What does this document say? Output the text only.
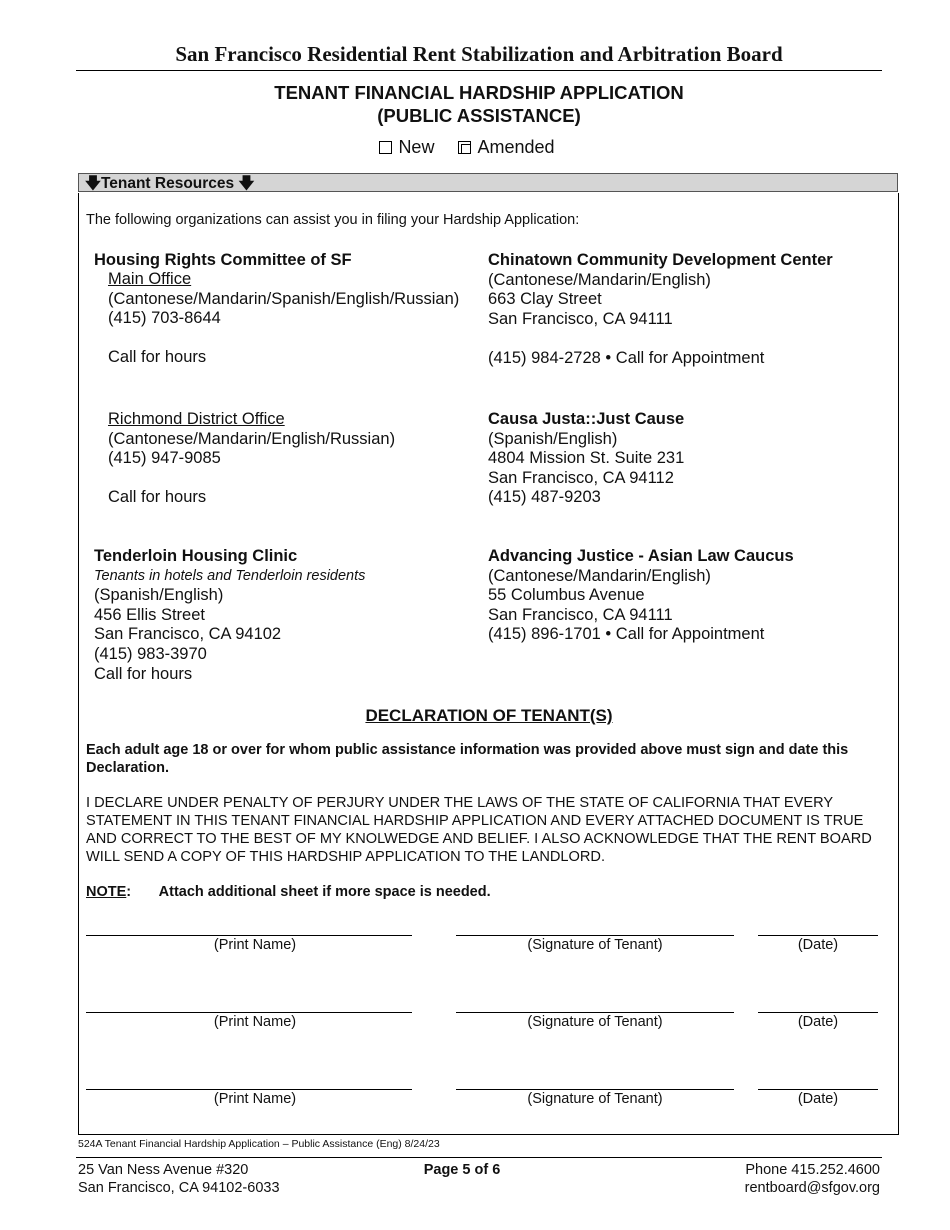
San Francisco Residential Rent Stabilization and Arbitration Board
TENANT FINANCIAL HARDSHIP APPLICATION
(PUBLIC ASSISTANCE)
New Amended
🡇Tenant Resources 🡇
The following organizations can assist you in filing your Hardship Application:
Housing Rights Committee of SF
Main Office
(Cantonese/Mandarin/Spanish/English/Russian)
(415) 703-8644

Call for hours
Richmond District Office
(Cantonese/Mandarin/English/Russian)
(415) 947-9085

Call for hours
Chinatown Community Development Center
(Cantonese/Mandarin/English)
663 Clay Street
San Francisco, CA 94111

(415) 984-2728 • Call for Appointment
Causa Justa::Just Cause
(Spanish/English)
4804 Mission St. Suite 231
San Francisco, CA 94112
(415) 487-9203
Tenderloin Housing Clinic
Tenants in hotels and Tenderloin residents
(Spanish/English)
456 Ellis Street
San Francisco, CA 94102
(415) 983-3970
Call for hours
Advancing Justice - Asian Law Caucus
(Cantonese/Mandarin/English)
55 Columbus Avenue
San Francisco, CA 94111
(415) 896-1701 • Call for Appointment
DECLARATION OF TENANT(S)
Each adult age 18 or over for whom public assistance information was provided above must sign and date this Declaration.
I DECLARE UNDER PENALTY OF PERJURY UNDER THE LAWS OF THE STATE OF CALIFORNIA THAT EVERY STATEMENT IN THIS TENANT FINANCIAL HARDSHIP APPLICATION AND EVERY ATTACHED DOCUMENT IS TRUE AND CORRECT TO THE BEST OF MY KNOLWEDGE AND BELIEF. I ALSO ACKNOWLEDGE THAT THE RENT BOARD WILL SEND A COPY OF THIS HARDSHIP APPLICATION TO THE LANDLORD.
NOTE: Attach additional sheet if more space is needed.
(Print Name)	(Signature of Tenant)	(Date)
(Print Name)	(Signature of Tenant)	(Date)
(Print Name)	(Signature of Tenant)	(Date)
524A Tenant Financial Hardship Application – Public Assistance (Eng) 8/24/23
25 Van Ness Avenue #320
San Francisco, CA 94102-6033
Page 5 of 6	Phone 415.252.4600
rentboard@sfgov.org
